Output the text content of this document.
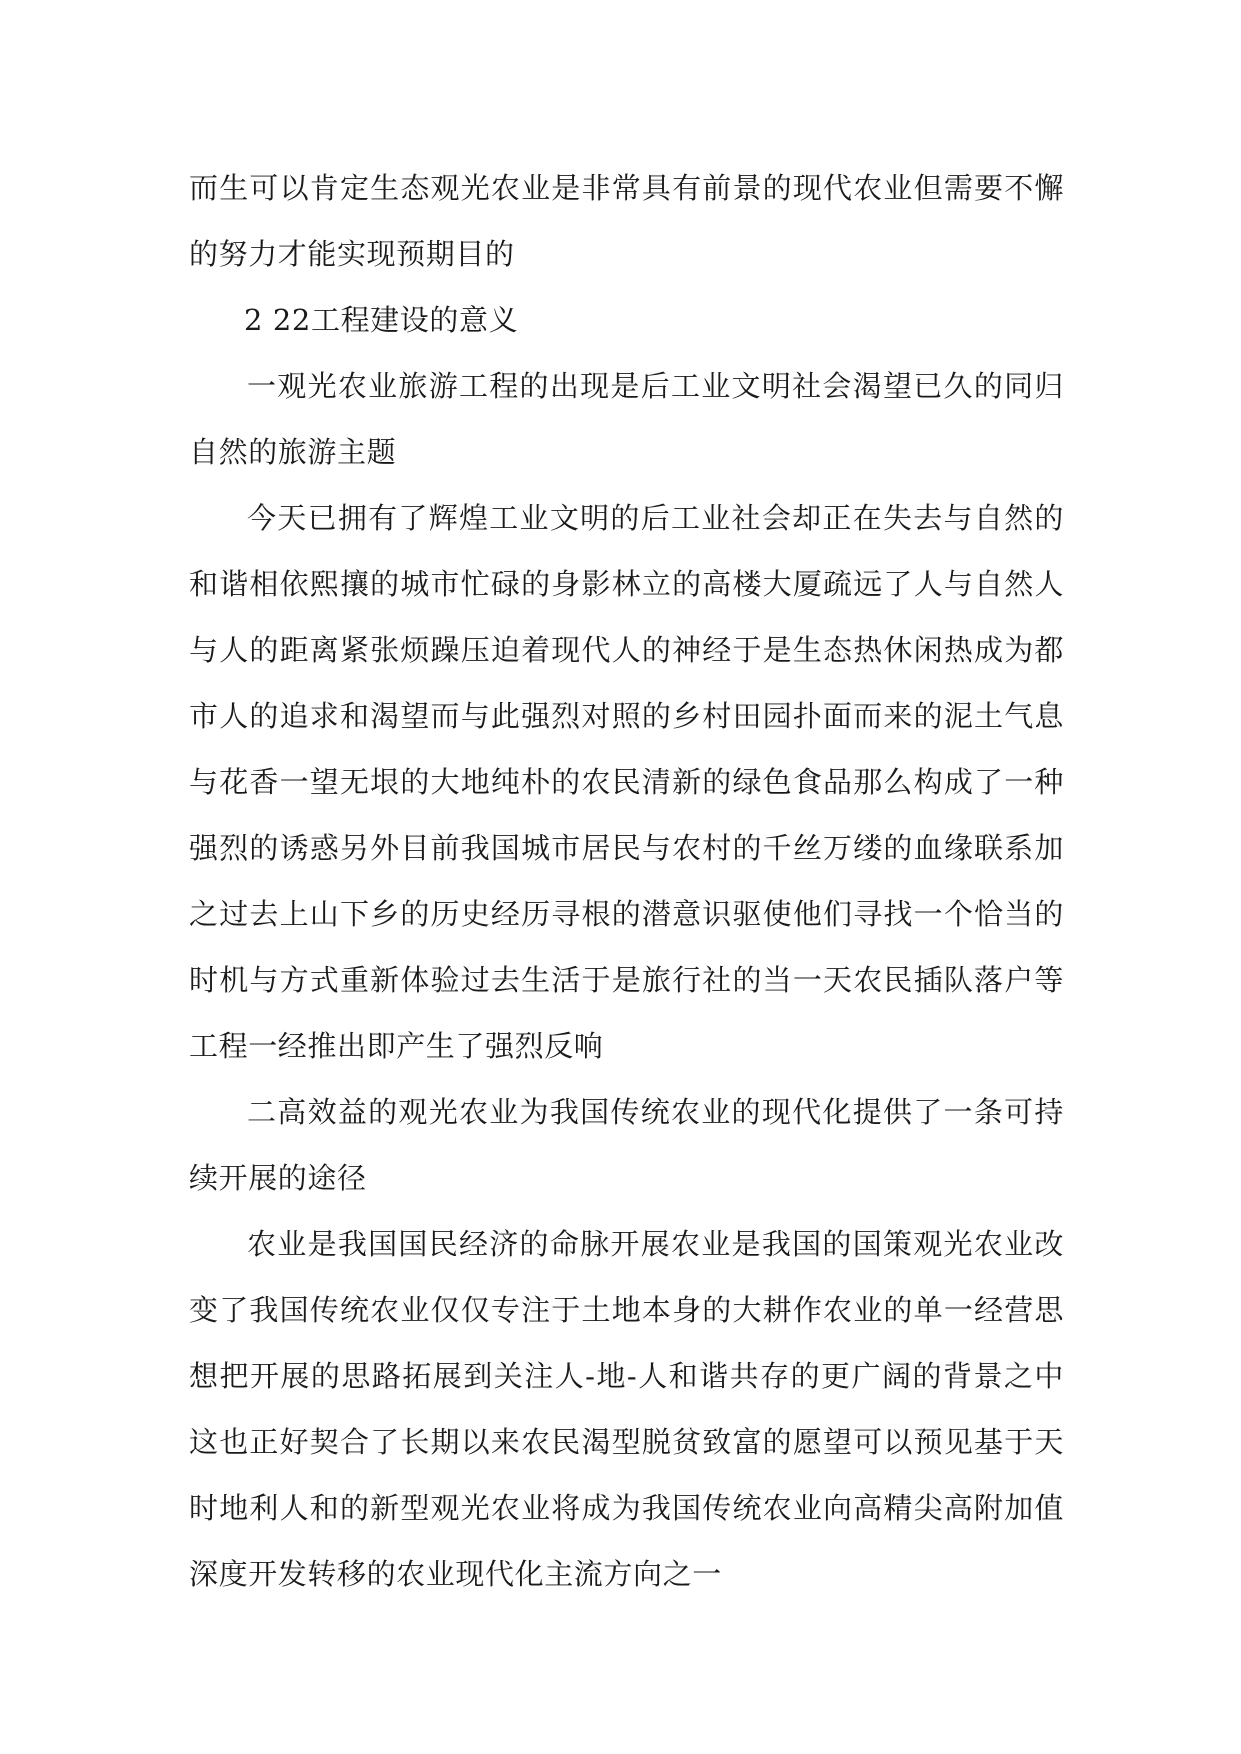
而生可以肯定生态观光农业是非常具有前景的现代农业但需要不懈的努力才能实现预期目的

2 22工程建设的意义

一观光农业旅游工程的出现是后工业文明社会渴望已久的同归自然的旅游主题

今天已拥有了辉煌工业文明的后工业社会却正在失去与自然的和谐相依熙攘的城市忙碌的身影林立的高楼大厦疏远了人与自然人与人的距离紧张烦躁压迫着现代人的神经于是生态热休闲热成为都市人的追求和渴望而与此强烈对照的乡村田园扑面而来的泥土气息与花香一望无垠的大地纯朴的农民清新的绿色食品那么构成了一种强烈的诱惑另外目前我国城市居民与农村的千丝万缕的血缘联系加之过去上山下乡的历史经历寻根的潜意识驱使他们寻找一个恰当的时机与方式重新体验过去生活于是旅行社的当一天农民插队落户等工程一经推出即产生了强烈反响

二高效益的观光农业为我国传统农业的现代化提供了一条可持续开展的途径

农业是我国国民经济的命脉开展农业是我国的国策观光农业改变了我国传统农业仅仅专注于土地本身的大耕作农业的单一经营思想把开展的思路拓展到关注人-地-人和谐共存的更广阔的背景之中这也正好契合了长期以来农民渴型脱贫致富的愿望可以预见基于天时地利人和的新型观光农业将成为我国传统农业向高精尖高附加值深度开发转移的农业现代化主流方向之一
